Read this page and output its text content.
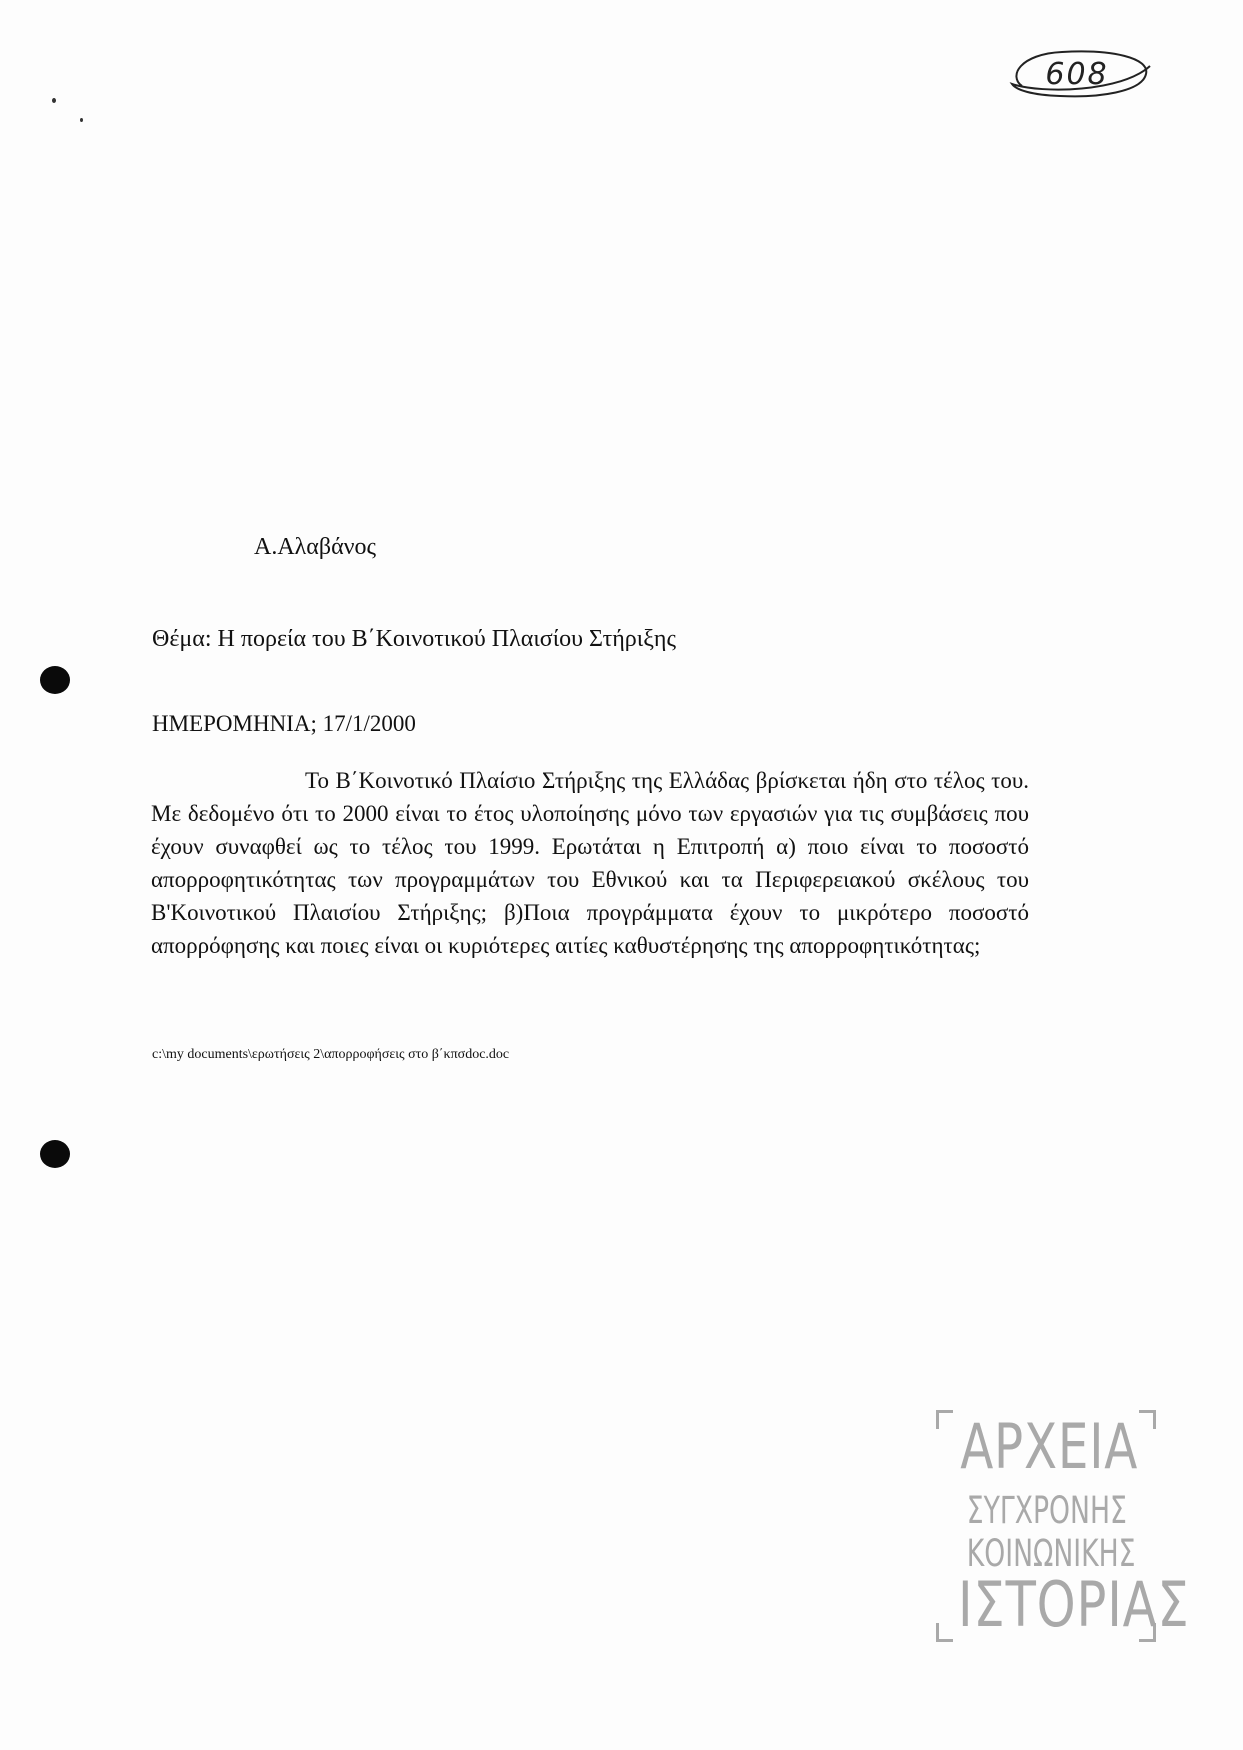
608
Α.Αλαβάνος
Θέμα: Η πορεία του Β΄Κοινοτικού Πλαισίου Στήριξης
ΗΜΕΡΟΜΗΝΙΑ; 17/1/2000
Το Β΄Κοινοτικό Πλαίσιο Στήριξης της Ελλάδας βρίσκεται ήδη στο τέλος του. Με δεδομένο ότι το 2000 είναι το έτος υλοποίησης μόνο των εργασιών για τις συμβάσεις που έχουν συναφθεί ως το τέλος του 1999. Ερωτάται η Επιτροπή α) ποιο είναι το ποσοστό απορροφητικότητας των προγραμμάτων του Εθνικού και τα Περιφερειακού σκέλους του Β'Κοινοτικού Πλαισίου Στήριξης; β)Ποια προγράμματα έχουν το μικρότερο ποσοστό απορρόφησης και ποιες είναι οι κυριότερες αιτίες καθυστέρησης της απορροφητικότητας;
c:\my documents\ερωτήσεις 2\απορροφήσεις στο β΄κπσdoc.doc
ΑΡΧΕΙΑ
ΣΥΓΧΡΟΝΗΣ
ΚΟΙΝΩΝΙΚΗΣ
ΙΣΤΟΡΙΑΣ
